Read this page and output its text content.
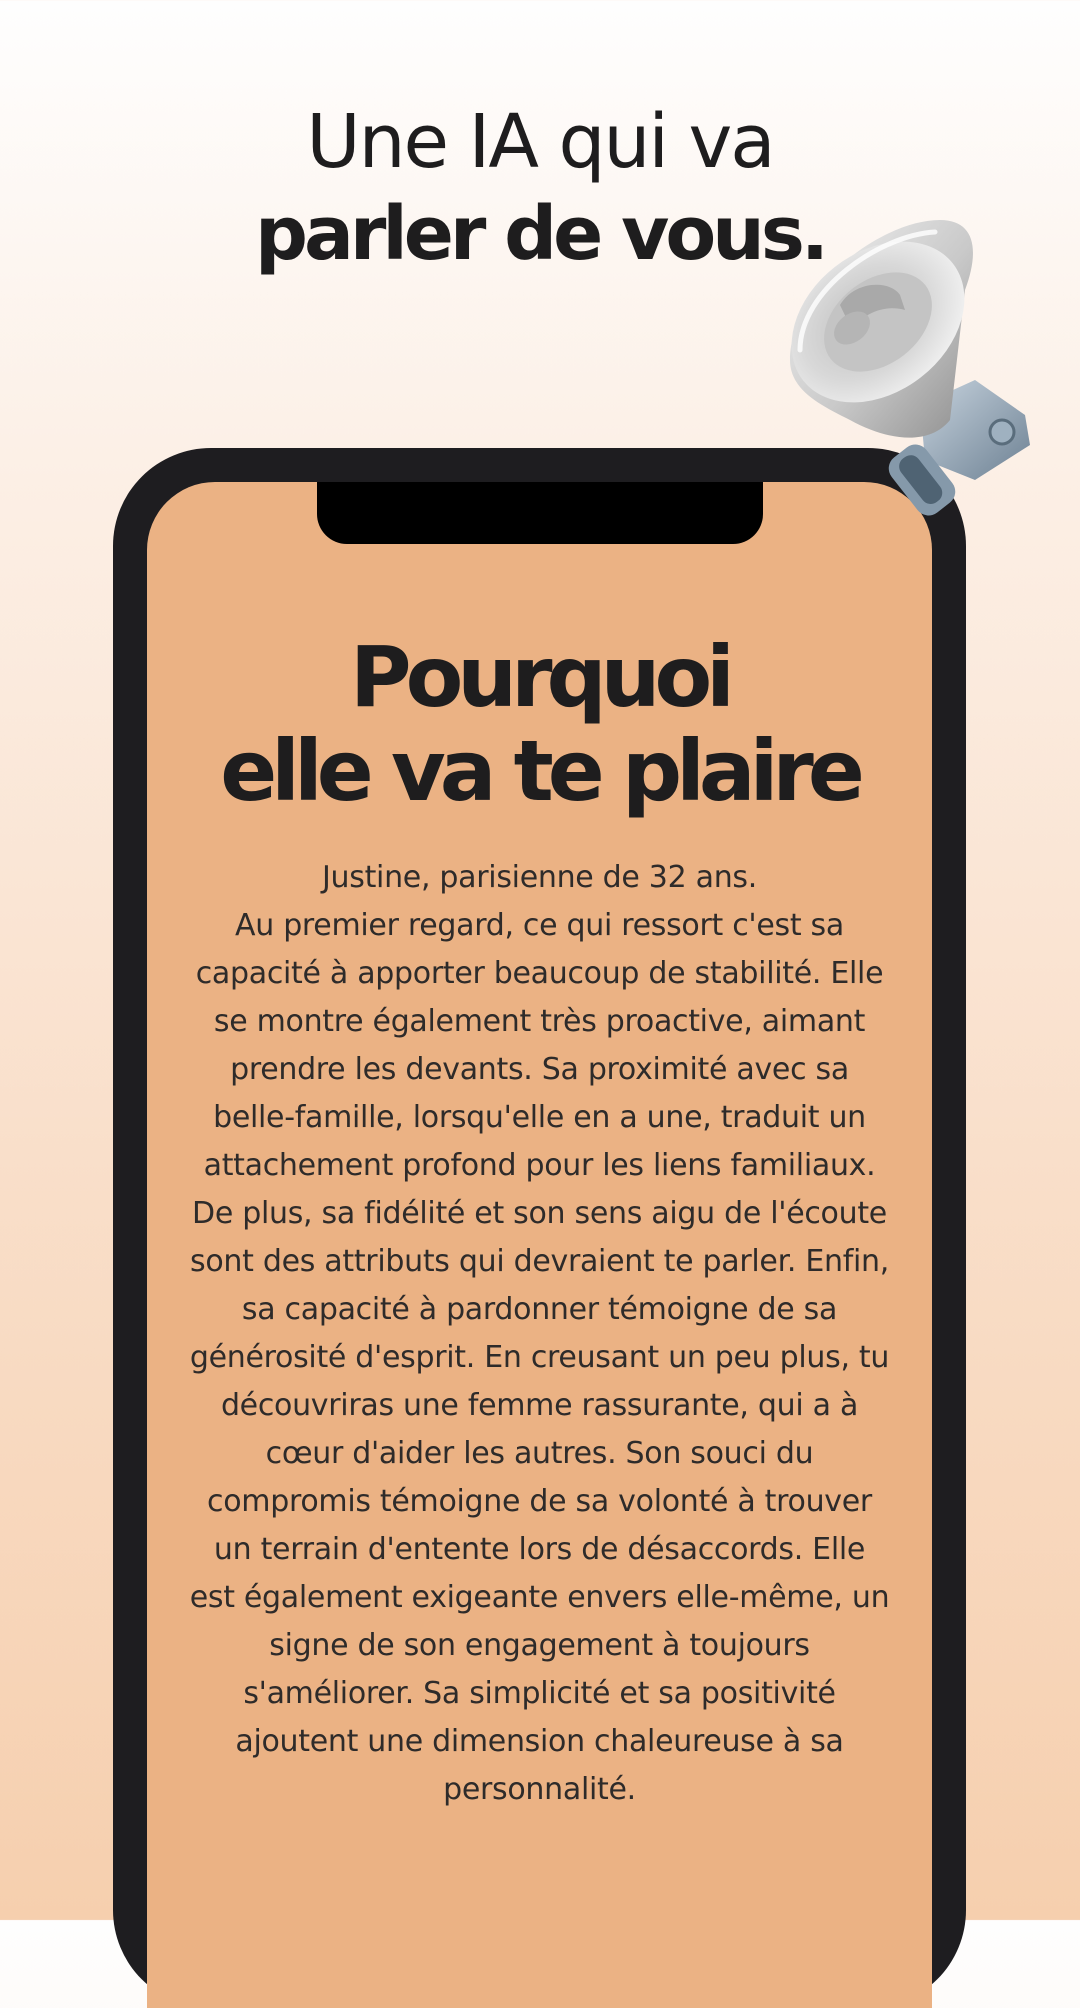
Une IA qui va
parler de vous.
Pourquoi
elle va te plaire

Justine, parisienne de 32 ans.

Au premier regard, ce qui ressort c'est sa capacité à apporter beaucoup de stabilité. Elle se montre également très proactive, aimant prendre les devants. Sa proximité avec sa belle-famille, lorsqu'elle en a une, traduit un attachement profond pour les liens familiaux. De plus, sa fidélité et son sens aigu de l'écoute sont des attributs qui devraient te parler. Enfin, sa capacité à pardonner témoigne de sa générosité d'esprit. En creusant un peu plus, tu découvriras une femme rassurante, qui a à cœur d'aider les autres. Son souci du compromis témoigne de sa volonté à trouver un terrain d'entente lors de désaccords. Elle est également exigeante envers elle-même, un signe de son engagement à toujours s'améliorer. Sa simplicité et sa positivité ajoutent une dimension chaleureuse à sa personnalité.
